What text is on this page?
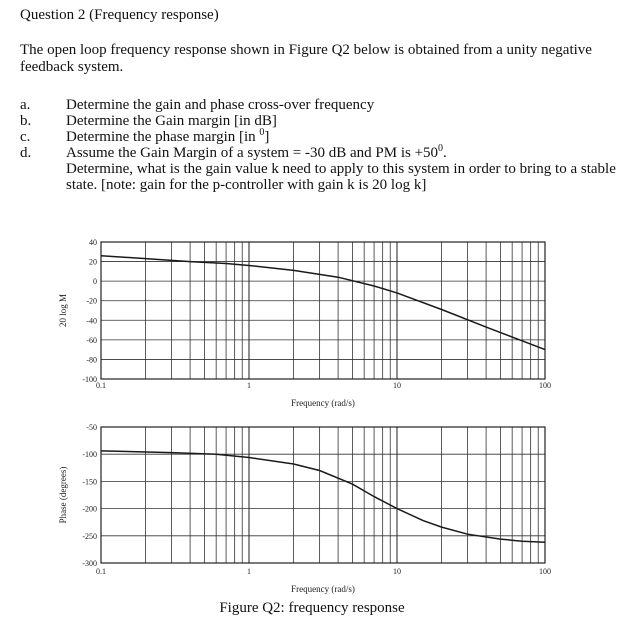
Question 2 (Frequency response)
The open loop frequency response shown in Figure Q2 below is obtained from a unity negative feedback system.
a.	Determine the gain and phase cross-over frequency
b.	Determine the Gain margin [in dB]
c.	Determine the phase margin [in $^0$]
d.	Assume the Gain Margin of a system = -30 dB and PM is $+50^0$.
Determine, what is the gain value k need to apply to this system in order to bring to a stable state. [note: gain for the p-controller with gain k is 20 log k]
40
20
0
-20
-40
-60
-80
-100
0.1	1	10	100
Frequency (rad/s)
20 log M
-50
-100
-150
-200
-250
-300
0.1	1	10	100
Frequency (rad/s)
Phase (degrees)
Figure Q2: frequency response
